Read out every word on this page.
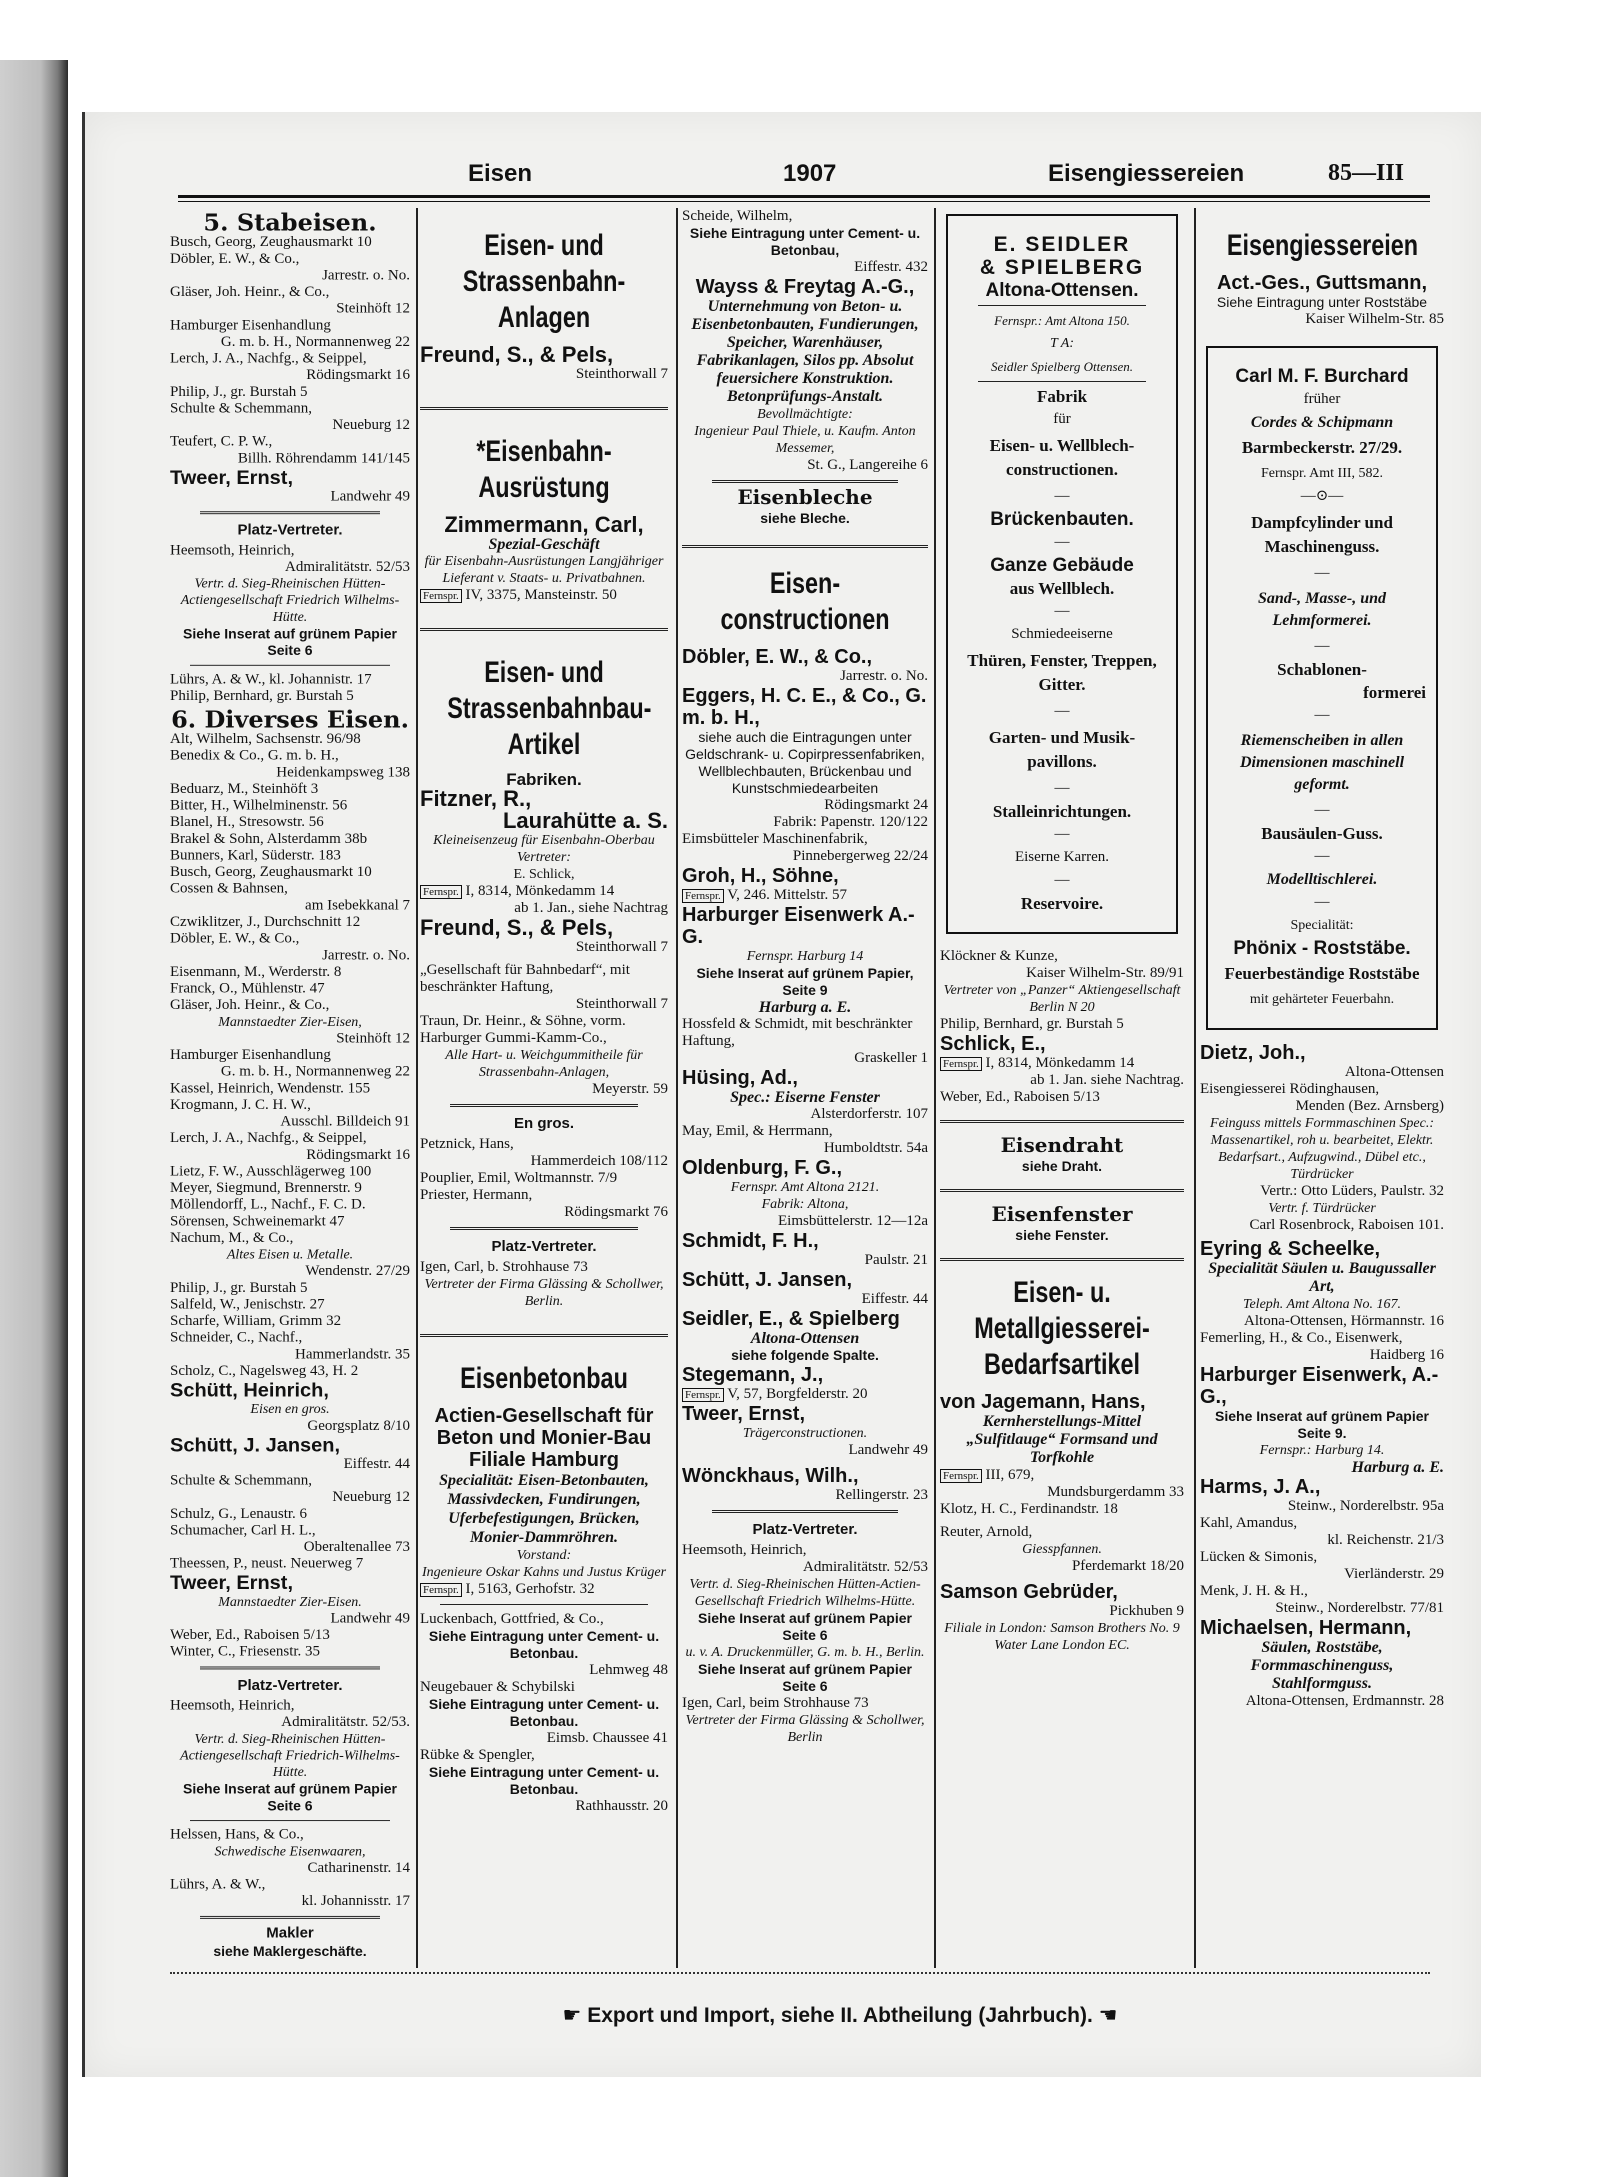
Eisen	1907	Eisengiessereien	85—III
5. Stabeisen.
Busch, Georg, Zeughausmarkt 10
Döbler, E. W., & Co.,
Jarrestr. o. No.
Gläser, Joh. Heinr., & Co.,
Steinhöft 12
Hamburger Eisenhandlung
G. m. b. H., Normannenweg 22
Lerch, J. A., Nachfg., & Seippel,
Rödingsmarkt 16
Philip, J., gr. Burstah 5
Schulte & Schemmann,
Neueburg 12
Teufert, C. P. W.,
Billh. Röhrendamm 141/145
Tweer, Ernst,
Landwehr 49
Platz-Vertreter.
Heemsoth, Heinrich,
Admiralitätstr. 52/53
Vertr. d. Sieg-Rheinischen Hütten-Actiengesellschaft Friedrich Wilhelms-Hütte.
Siehe Inserat auf grünem Papier Seite 6
Lührs, A. & W., kl. Johannistr. 17
Philip, Bernhard, gr. Burstah 5
6. Diverses Eisen.
Alt, Wilhelm, Sachsenstr. 96/98
Benedix & Co., G. m. b. H.,
Heidenkampsweg 138
Beduarz, M., Steinhöft 3
Bitter, H., Wilhelminenstr. 56
Blanel, H., Stresowstr. 56
Brakel & Sohn, Alsterdamm 38b
Bunners, Karl, Süderstr. 183
Busch, Georg, Zeughausmarkt 10
Cossen & Bahnsen,
am Isebekkanal 7
Czwiklitzer, J., Durchschnitt 12
Döbler, E. W., & Co.,
Jarrestr. o. No.
Eisenmann, M., Werderstr. 8
Franck, O., Mühlenstr. 47
Gläser, Joh. Heinr., & Co.,
Mannstaedter Zier-Eisen,
Steinhöft 12
Hamburger Eisenhandlung
G. m. b. H., Normannenweg 22
Kassel, Heinrich, Wendenstr. 155
Krogmann, J. C. H. W.,
Ausschl. Billdeich 91
Lerch, J. A., Nachfg., & Seippel,
Rödingsmarkt 16
Lietz, F. W., Ausschlägerweg 100
Meyer, Siegmund, Brennerstr. 9
Möllendorff, L., Nachf., F. C. D.
Sörensen, Schweinemarkt 47
Nachum, M., & Co.,
Altes Eisen u. Metalle.
Wendenstr. 27/29
Philip, J., gr. Burstah 5
Salfeld, W., Jenischstr. 27
Scharfe, William, Grimm 32
Schneider, C., Nachf.,
Hammerlandstr. 35
Scholz, C., Nagelsweg 43, H. 2
Schütt, Heinrich,
Eisen en gros.
Georgsplatz 8/10
Schütt, J. Jansen,
Eiffestr. 44
Schulte & Schemmann,
Neueburg 12
Schulz, G., Lenaustr. 6
Schumacher, Carl H. L.,
Oberaltenallee 73
Theessen, P., neust. Neuerweg 7
Tweer, Ernst,
Mannstaedter Zier-Eisen.
Landwehr 49
Weber, Ed., Raboisen 5/13
Winter, C., Friesenstr. 35
Platz-Vertreter.
Heemsoth, Heinrich,
Admiralitätstr. 52/53.
Vertr. d. Sieg-Rheinischen Hütten-Actiengesellschaft Friedrich-Wilhelms-Hütte.
Siehe Inserat auf grünem Papier Seite 6
Helssen, Hans, & Co.,
Schwedische Eisenwaaren,
Catharinenstr. 14
Lührs, A. & W.,
kl. Johannisstr. 17
Makler
siehe Maklergeschäfte.
Eisen- und Strassenbahn-Anlagen
Freund, S., & Pels,
Steinthorwall 7
*Eisenbahn-Ausrüstung
Zimmermann, Carl,
Spezial-Geschäft
für Eisenbahn-Ausrüstungen Langjähriger Lieferant v. Staats- u. Privatbahnen.
Fernspr. IV, 3375, Mansteinstr. 50
Eisen- und Strassenbahnbau-Artikel
Fabriken.
Fitzner, R.,
Laurahütte a. S.
Kleineisenzeug für Eisenbahn-Oberbau
Vertreter:
E. Schlick,
Fernspr. I, 8314, Mönkedamm 14
ab 1. Jan., siehe Nachtrag
Freund, S., & Pels,
Steinthorwall 7
„Gesellschaft für Bahnbedarf“, mit beschränkter Haftung,
Steinthorwall 7
Traun, Dr. Heinr., & Söhne, vorm. Harburger Gummi-Kamm-Co.,
Alle Hart- u. Weichgummitheile für Strassenbahn-Anlagen,
Meyerstr. 59
En gros.
Petznick, Hans,
Hammerdeich 108/112
Pouplier, Emil, Woltmannstr. 7/9
Priester, Hermann,
Rödingsmarkt 76
Platz-Vertreter.
Igen, Carl, b. Strohhause 73
Vertreter der Firma Glässing & Schollwer, Berlin.
Eisenbetonbau
Actien-Gesellschaft für Beton und Monier-Bau Filiale Hamburg
Specialität: Eisen-Betonbauten, Massivdecken, Fundirungen, Uferbefestigungen, Brücken, Monier-Dammröhren.
Vorstand:
Ingenieure Oskar Kahns und Justus Krüger
Fernspr. I, 5163, Gerhofstr. 32
Luckenbach, Gottfried, & Co.,
Siehe Eintragung unter Cement- u. Betonbau.
Lehmweg 48
Neugebauer & Schybilski
Siehe Eintragung unter Cement- u. Betonbau.
Eimsb. Chaussee 41
Rübke & Spengler,
Siehe Eintragung unter Cement- u. Betonbau.
Rathhausstr. 20
Scheide, Wilhelm,
Siehe Eintragung unter Cement- u. Betonbau,
Eiffestr. 432
Wayss & Freytag A.-G.,
Unternehmung von Beton- u. Eisenbetonbauten, Fundierungen, Speicher, Warenhäuser, Fabrikanlagen, Silos pp. Absolut feuersichere Konstruktion. Betonprüfungs-Anstalt.
Bevollmächtigte:
Ingenieur Paul Thiele, u. Kaufm. Anton Messemer,
St. G., Langereihe 6
Eisenbleche
siehe Bleche.
Eisen-constructionen
Döbler, E. W., & Co.,
Jarrestr. o. No.
Eggers, H. C. E., & Co., G. m. b. H.,
siehe auch die Eintragungen unter Geldschrank- u. Copirpressenfabriken, Wellblechbauten, Brückenbau und Kunstschmiedearbeiten
Rödingsmarkt 24
Fabrik: Papenstr. 120/122
Eimsbütteler Maschinenfabrik,
Pinnebergerweg 22/24
Groh, H., Söhne,
Fernspr. V, 246. Mittelstr. 57
Harburger Eisenwerk A.-G.
Fernspr. Harburg 14
Siehe Inserat auf grünem Papier, Seite 9
Harburg a. E.
Hossfeld & Schmidt, mit beschränkter Haftung,
Graskeller 1
Hüsing, Ad.,
Spec.: Eiserne Fenster
Alsterdorferstr. 107
May, Emil, & Herrmann,
Humboldtstr. 54a
Oldenburg, F. G.,
Fernspr. Amt Altona 2121.
Fabrik: Altona,
Eimsbüttelerstr. 12—12a
Schmidt, F. H.,
Paulstr. 21
Schütt, J. Jansen,
Eiffestr. 44
Seidler, E., & Spielberg
Altona-Ottensen
siehe folgende Spalte.
Stegemann, J.,
Fernspr. V, 57, Borgfelderstr. 20
Tweer, Ernst,
Trägerconstructionen.
Landwehr 49
Wönckhaus, Wilh.,
Rellingerstr. 23
Platz-Vertreter.
Heemsoth, Heinrich,
Admiralitätstr. 52/53
Vertr. d. Sieg-Rheinischen Hütten-Actien-Gesellschaft Friedrich Wilhelms-Hütte.
Siehe Inserat auf grünem Papier Seite 6
u. v. A. Druckenmüller, G. m. b. H., Berlin.
Siehe Inserat auf grünem Papier Seite 6
Igen, Carl, beim Strohhause 73
Vertreter der Firma Glässing & Schollwer, Berlin

E. SEIDLER

& SPIELBERG

Altona-Ottensen.

Fernspr.: Amt Altona 150.

T A:

Seidler Spielberg Ottensen.

Fabrik

für

Eisen- u. Wellblech-constructionen.

—

Brückenbauten.

—

Ganze Gebäude

aus Wellblech.

—

Schmiedeeiserne

Thüren, Fenster, Treppen, Gitter.

—

Garten- und Musik-pavillons.

—

Stalleinrichtungen.

—

Eiserne Karren.

—

Reservoire.

Klöckner & Kunze,
Kaiser Wilhelm-Str. 89/91
Vertreter von „Panzer“ Aktiengesellschaft Berlin N 20
Philip, Bernhard, gr. Burstah 5
Schlick, E.,
Fernspr. I, 8314, Mönkedamm 14
ab 1. Jan. siehe Nachtrag.
Weber, Ed., Raboisen 5/13
Eisendraht
siehe Draht.
Eisenfenster
siehe Fenster.
Eisen- u. Metallgiesserei-Bedarfsartikel
von Jagemann, Hans,
Kernherstellungs-Mittel „Sulfitlauge“ Formsand und Torfkohle
Fernspr. III, 679,
Mundsburgerdamm 33
Klotz, H. C., Ferdinandstr. 18
Reuter, Arnold,
Giesspfannen.
Pferdemarkt 18/20
Samson Gebrüder,
Pickhuben 9
Filiale in London: Samson Brothers No. 9 Water Lane London EC.
Eisengiessereien
Act.-Ges., Guttsmann,
Siehe Eintragung unter Roststäbe
Kaiser Wilhelm-Str. 85

Carl M. F. Burchard

früher

Cordes & Schipmann

Barmbeckerstr. 27/29.

Fernspr. Amt III, 582.

—⊙—

Dampfcylinder und Maschinenguss.

—

Sand-, Masse-, und Lehmformerei.

—

Schablonen-

formerei

—

Riemenscheiben in allen Dimensionen maschinell geformt.

—

Bausäulen-Guss.

—

Modelltischlerei.

—

Specialität:

Phönix - Roststäbe.

Feuerbeständige Roststäbe

mit gehärteter Feuerbahn.

Dietz, Joh.,
Altona-Ottensen
Eisengiesserei Rödinghausen,
Menden (Bez. Arnsberg)
Feinguss mittels Formmaschinen Spec.: Massenartikel, roh u. bearbeitet, Elektr. Bedarfsart., Aufzugwind., Dübel etc., Türdrücker
Vertr.: Otto Lüders, Paulstr. 32
Vertr. f. Türdrücker
Carl Rosenbrock, Raboisen 101.
Eyring & Scheelke,
Specialität Säulen u. Baugussaller Art,
Teleph. Amt Altona No. 167.
Altona-Ottensen, Hörmannstr. 16
Femerling, H., & Co., Eisenwerk,
Haidberg 16
Harburger Eisenwerk, A.-G.,
Siehe Inserat auf grünem Papier Seite 9.
Fernspr.: Harburg 14.
Harburg a. E.
Harms, J. A.,
Steinw., Norderelbstr. 95a
Kahl, Amandus,
kl. Reichenstr. 21/3
Lücken & Simonis,
Vierländerstr. 29
Menk, J. H. & H.,
Steinw., Norderelbstr. 77/81
Michaelsen, Hermann,
Säulen, Roststäbe, Formmaschinenguss, Stahlformguss.
Altona-Ottensen, Erdmannstr. 28
☛ Export und Import, siehe II. Abtheilung (Jahrbuch). ☚
